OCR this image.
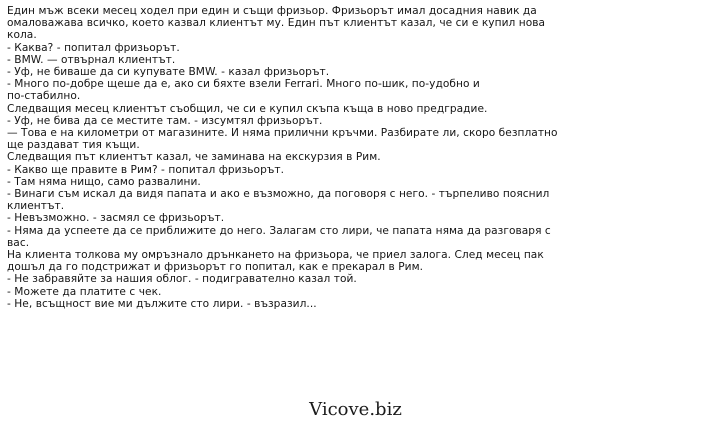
Един мъж всеки месец ходел при един и същи фризьор. Фризьорът имал досадния навик да
омаловажава всичко, което казвал клиентът му. Един път клиентът казал, че си е купил нова
кола.
- Каква? - попитал фризьорът.
- BMW. — отвърнал клиентът.
- Уф, не биваше да си купувате BMW. - казал фризьорът.
- Много по-добре щеше да е, ако си бяхте взели Ferrari. Много по-шик, по-удобно и
по-стабилно.
Следващия месец клиентът съобщил, че си е купил скъпа къща в ново предградие.
- Уф, не бива да се местите там. - изсумтял фризьорът.
— Това е на километри от магазините. И няма прилични кръчми. Разбирате ли, скоро безплатно
ще раздават тия къщи.
Следващия път клиентът казал, че заминава на екскурзия в Рим.
- Какво ще правите в Рим? - попитал фризьорът.
- Там няма нищо, само развалини.
- Винаги съм искал да видя папата и ако е възможно, да поговоря с него. - търпеливо пояснил
клиентът.
- Невъзможно. - засмял се фризьорът.
- Няма да успеете да се приближите до него. Залагам сто лири, че папата няма да разговаря с
вас.
На клиента толкова му омръзнало дрънкането на фризьора, че приел залога. След месец пак
дошъл да го подстрижат и фризьорът го попитал, как е прекарал в Рим.
- Не забравяйте за нашия облог. - подигравателно казал той.
- Можете да платите с чек.
- Не, всъщност вие ми дължите сто лири. - възразил...

Vicove.biz
